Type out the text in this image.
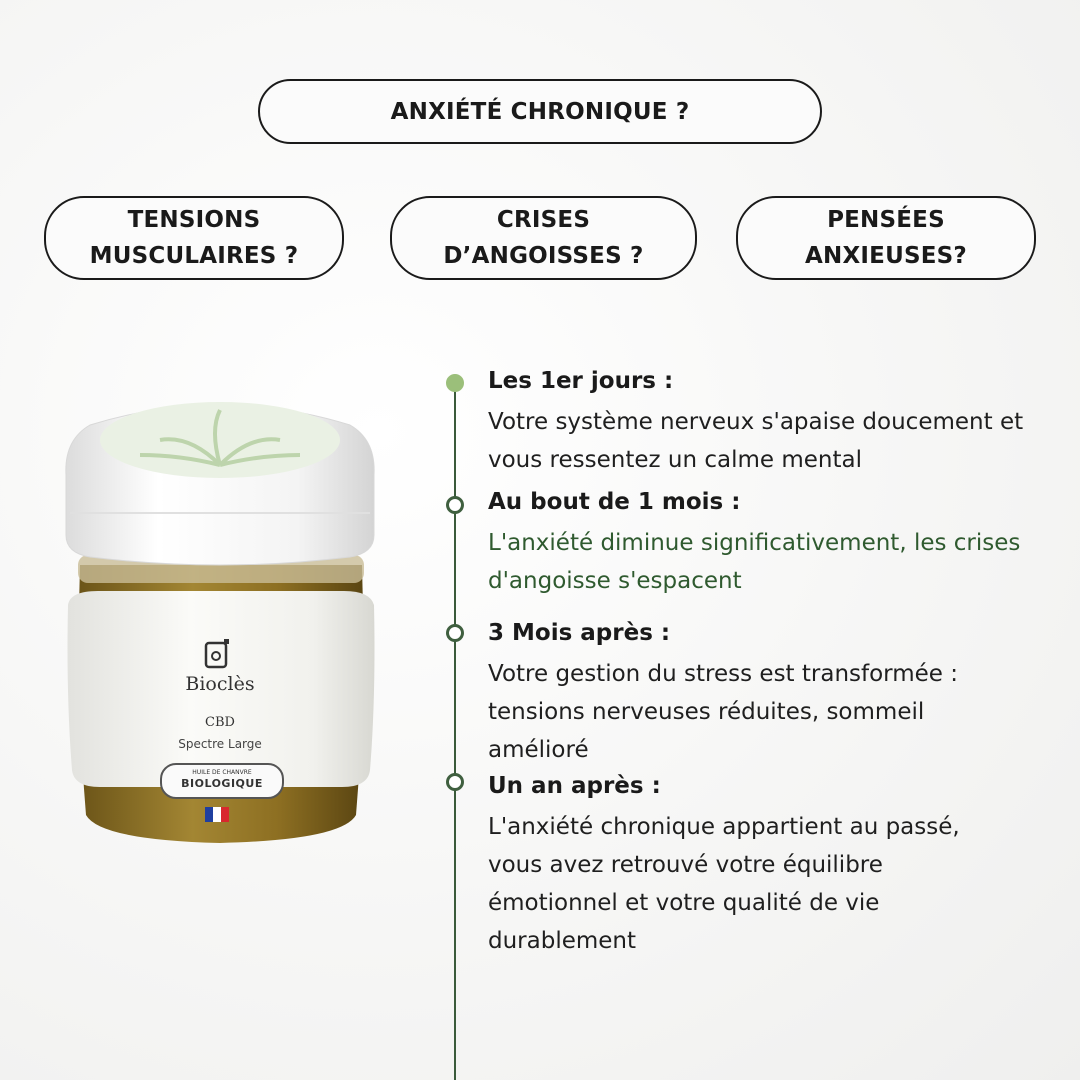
ANXIÉTÉ CHRONIQUE ?
TENSIONS
MUSCULAIRES ?
CRISES
D’ANGOISSES ?
PENSÉES
ANXIEUSES?
Bioclès
CBD
Spectre Large
HUILE DE CHANVRE
BIOLOGIQUE
Les 1er jours :
Votre système nerveux s'apaise doucement et vous ressentez un calme mental
Au bout de 1 mois :
L'anxiété diminue significativement, les crises d'angoisse s'espacent
3 Mois après :
Votre gestion du stress est transformée : tensions nerveuses réduites, sommeil amélioré
Un an après :
L'anxiété chronique appartient au passé, vous avez retrouvé votre équilibre émotionnel et votre qualité de vie durablement
